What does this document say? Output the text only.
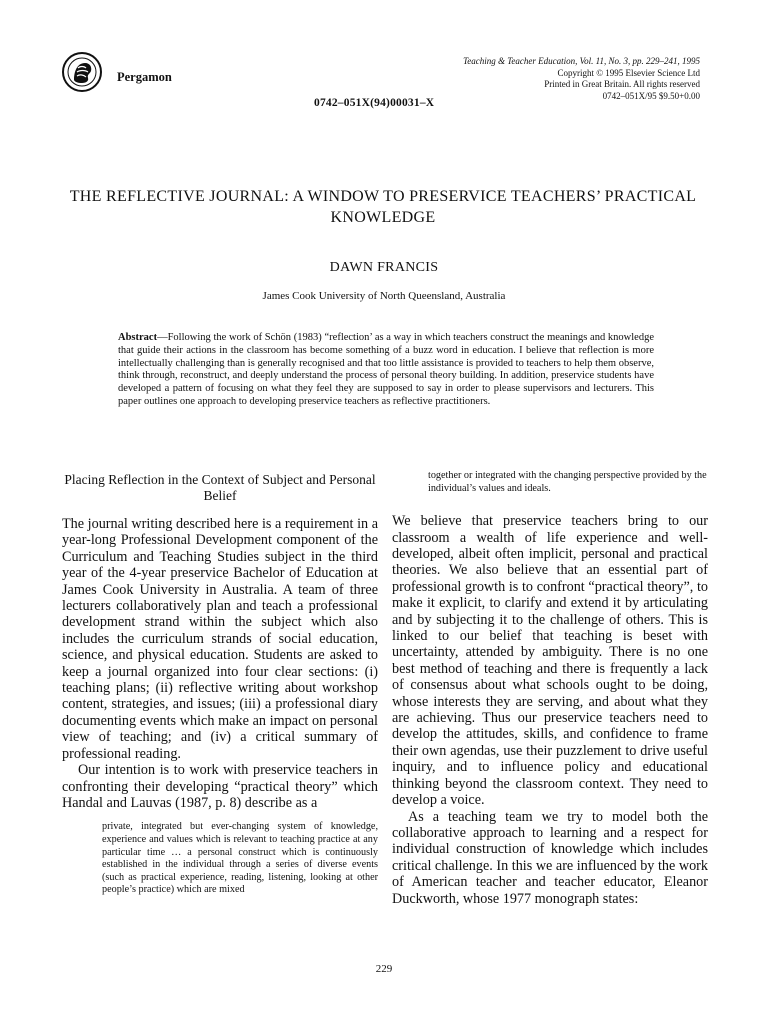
Pergamon
Teaching & Teacher Education, Vol. 11, No. 3, pp. 229–241, 1995
Copyright © 1995 Elsevier Science Ltd
Printed in Great Britain. All rights reserved
0742–051X/95 $9.50+0.00
0742–051X(94)00031–X
THE REFLECTIVE JOURNAL: A WINDOW TO PRESERVICE TEACHERS’ PRACTICAL KNOWLEDGE
DAWN FRANCIS
James Cook University of North Queensland, Australia
Abstract—Following the work of Schön (1983) “reflection’ as a way in which teachers construct the meanings and knowledge that guide their actions in the classroom has become something of a buzz word in education. I believe that reflection is more intellectually challenging than is generally recognised and that too little assistance is provided to teachers to help them observe, think through, reconstruct, and deeply understand the process of personal theory building. In addition, preservice students have developed a pattern of focusing on what they feel they are supposed to say in order to please supervisors and lecturers. This paper outlines one approach to developing preservice teachers as reflective practitioners.
Placing Reflection in the Context of Subject and Personal Belief

The journal writing described here is a requirement in a year-long Professional Development component of the Curriculum and Teaching Studies subject in the third year of the 4-year preservice Bachelor of Education at James Cook University in Australia. A team of three lecturers collaboratively plan and teach a professional development strand within the subject which also includes the curriculum strands of social education, science, and physical education. Students are asked to keep a journal organized into four clear sections: (i) teaching plans; (ii) reflective writing about workshop content, strategies, and issues; (iii) a professional diary documenting events which make an impact on personal view of teaching; and (iv) a critical summary of professional reading.

Our intention is to work with preservice teachers in confronting their developing “practical theory” which Handal and Lauvas (1987, p. 8) describe as a

private, integrated but ever-changing system of knowledge, experience and values which is relevant to teaching practice at any particular time … a personal construct which is continuously established in the individual through a series of diverse events (such as practical experience, reading, listening, looking at other people’s practice) which are mixed
together or integrated with the changing perspective provided by the individual’s values and ideals.

We believe that preservice teachers bring to our classroom a wealth of life experience and well-developed, albeit often implicit, personal and practical theories. We also believe that an essential part of professional growth is to confront “practical theory”, to make it explicit, to clarify and extend it by articulating and by subjecting it to the challenge of others. This is linked to our belief that teaching is beset with uncertainty, attended by ambiguity. There is no one best method of teaching and there is frequently a lack of consensus about what schools ought to be doing, whose interests they are serving, and about what they are achieving. Thus our preservice teachers need to develop the attitudes, skills, and confidence to frame their own agendas, use their puzzlement to drive useful inquiry, and to influence policy and educational thinking beyond the classroom context. They need to develop a voice.

As a teaching team we try to model both the collaborative approach to learning and a respect for individual construction of knowledge which includes critical challenge. In this we are influenced by the work of American teacher and teacher educator, Eleanor Duckworth, whose 1977 monograph states:

229
